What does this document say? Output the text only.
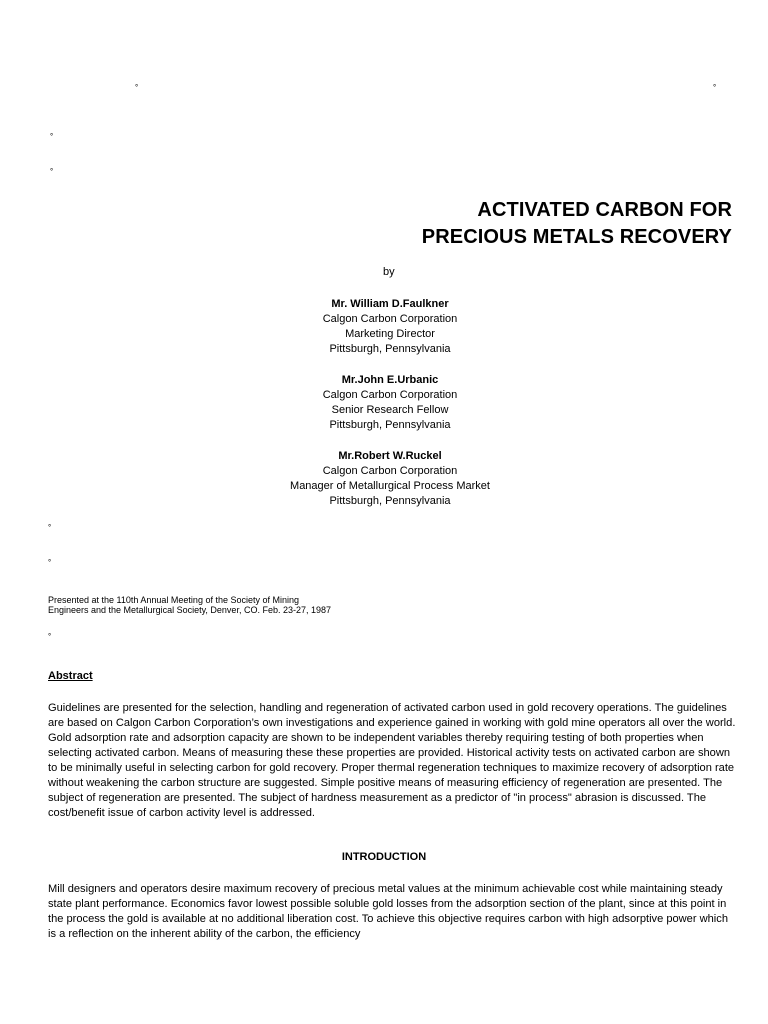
°	°
°
°
ACTIVATED CARBON FOR
PRECIOUS METALS RECOVERY
by
Mr. William D.Faulkner
Calgon Carbon Corporation
Marketing Director
Pittsburgh, Pennsylvania
Mr.John E.Urbanic
Calgon Carbon Corporation
Senior Research Fellow
Pittsburgh, Pennsylvania
Mr.Robert W.Ruckel
Calgon Carbon Corporation
Manager of Metallurgical Process Market
Pittsburgh, Pennsylvania
°
°
Presented at the 110th Annual Meeting of the Society of Mining
Engineers and the Metallurgical Society, Denver, CO. Feb. 23-27, 1987
°
Abstract
Guidelines are presented for the selection, handling and regeneration of activated carbon used in gold recovery operations. The guidelines are based on Calgon Carbon Corporation’s own investigations and experience gained in working with gold mine operators all over the world. Gold adsorption rate and adsorption capacity are shown to be independent variables thereby requiring testing of both properties when selecting activated carbon. Means of measuring these these properties are provided. Historical activity tests on activated carbon are shown to be minimally useful in selecting carbon for gold recovery. Proper thermal regeneration techniques to maximize recovery of adsorption rate without weakening the carbon structure are suggested. Simple positive means of measuring efficiency of regeneration are presented. The subject of regeneration are presented. The subject of hardness measurement as a predictor of "in process" abrasion is discussed. The cost/benefit issue of carbon activity level is addressed.
INTRODUCTION
Mill designers and operators desire maximum recovery of precious metal values at the minimum achievable cost while maintaining steady state plant performance. Economics favor lowest possible soluble gold losses from the adsorption section of the plant, since at this point in the process the gold is available at no additional liberation cost. To achieve this objective requires carbon with high adsorptive power which is a reflection on the inherent ability of the carbon, the efficiency
